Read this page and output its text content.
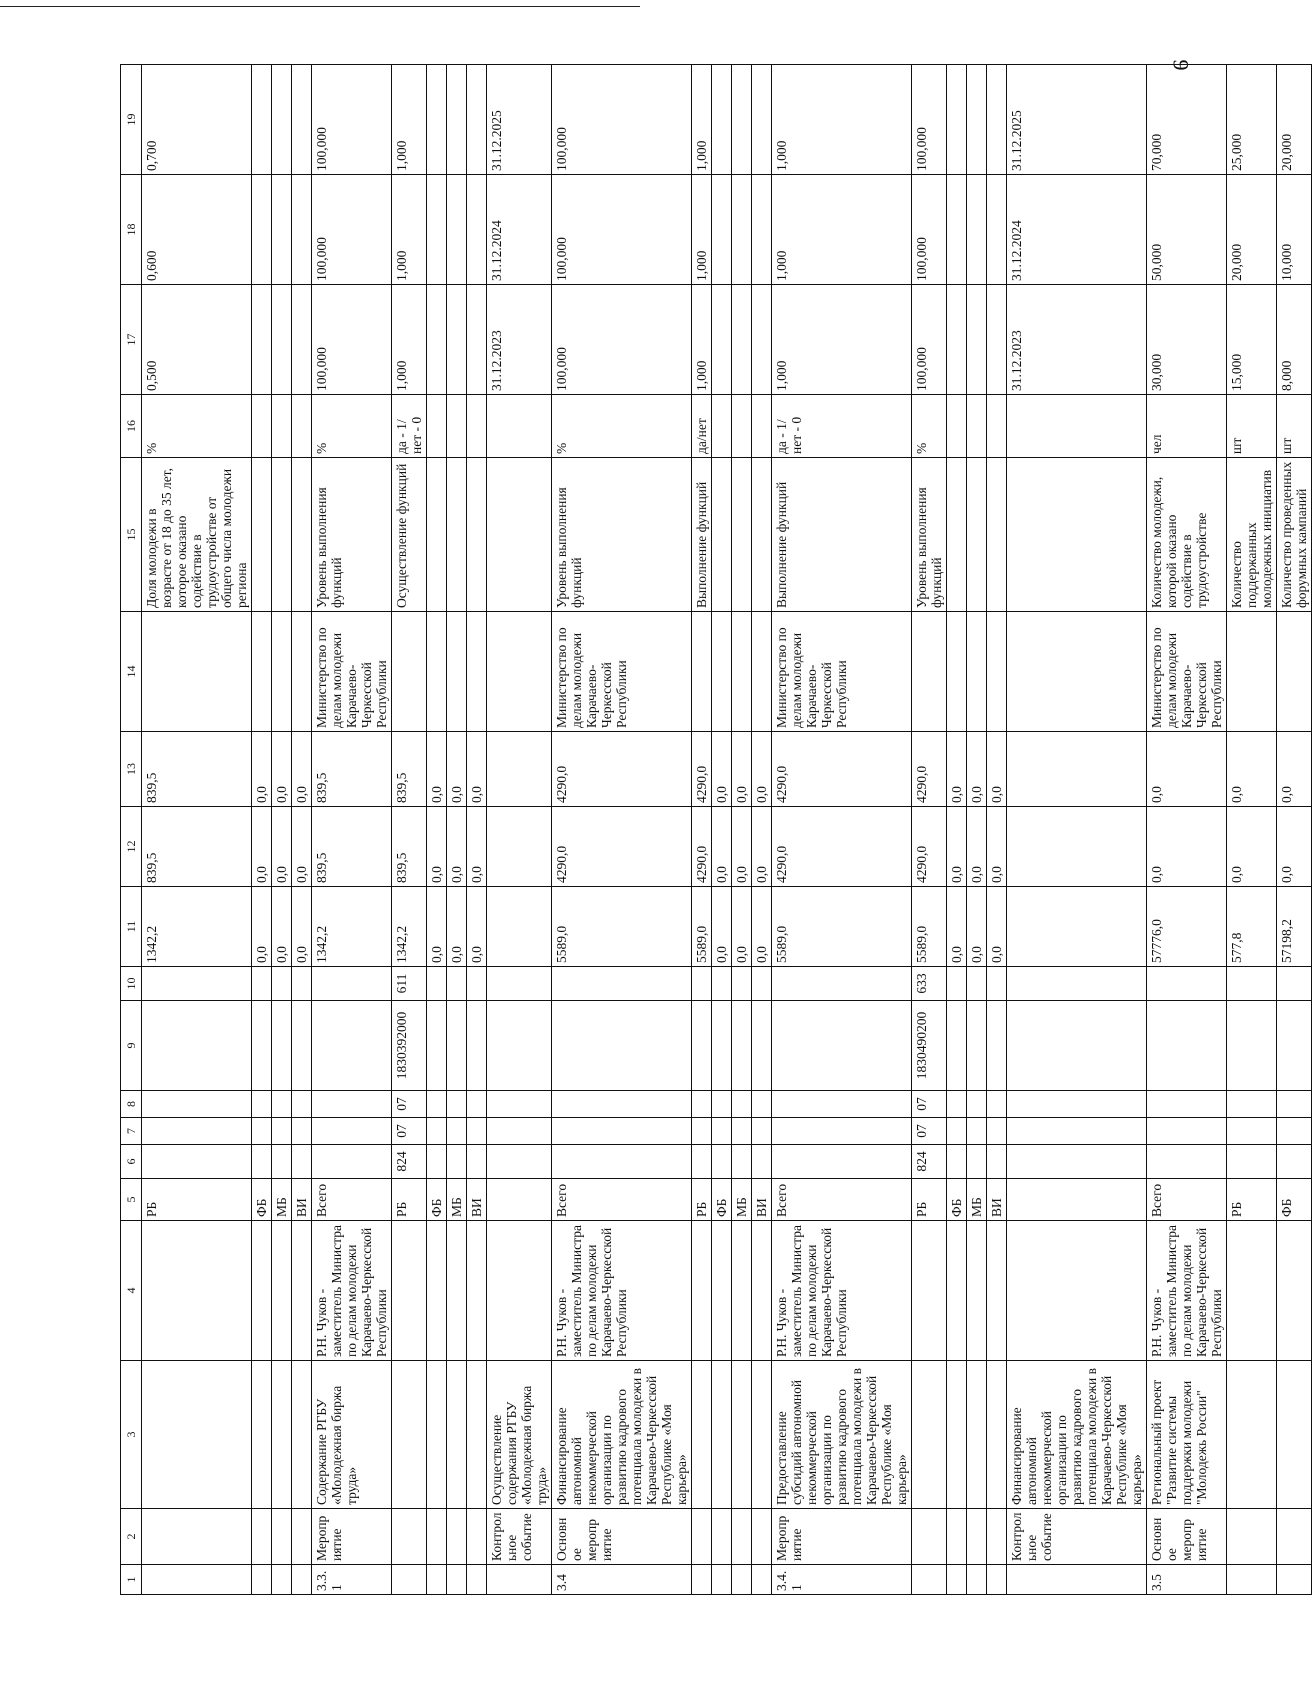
9
1	2	3	4	5	6	7	8	9	10	11	12	13	14	15	16	17	18	19
				РБ						1342,2	839,5	839,5		Доля молодежи в возрасте от 18 до 35 лет, которое оказано содействие в трудоустройстве от общего числа молодежи региона	%	0,500	0,600	0,700
				ФБ						0,0	0,0	0,0						
				МБ						0,0	0,0	0,0						
				ВИ						0,0	0,0	0,0						
3.3.1	Мероприятие	Содержание РГБУ «Молодежная биржа труда»	Р.Н. Чуков - заместитель Министра по делам молодежи Карачаево-Черкесской Республики	Всего						1342,2	839,5	839,5	Министерство по делам молодежи Карачаево-Черкесской Республики	Уровень выполнения функций	%	100,000	100,000	100,000
				РБ	824	07	07	1830392000	611	1342,2	839,5	839,5		Осуществление функций	да - 1/ нет - 0	1,000	1,000	1,000
				ФБ						0,0	0,0	0,0						
				МБ						0,0	0,0	0,0						
				ВИ						0,0	0,0	0,0						
	Контрольное событие	Осуществление содержания РГБУ «Молодежная биржа труда»														31.12.2023	31.12.2024	31.12.2025
3.4	Основное мероприятие	Финансирование автономной некоммерческой организации по развитию кадрового потенциала молодежи в Карачаево-Черкесской Республике «Моя карьера»	Р.Н. Чуков - заместитель Министра по делам молодежи Карачаево-Черкесской Республики	Всего						5589,0	4290,0	4290,0	Министерство по делам молодежи Карачаево-Черкесской Республики	Уровень выполнения функций	%	100,000	100,000	100,000
				РБ						5589,0	4290,0	4290,0		Выполнение функций	да/нет	1,000	1,000	1,000
				ФБ						0,0	0,0	0,0						
				МБ						0,0	0,0	0,0						
				ВИ						0,0	0,0	0,0						
3.4.1	Мероприятие	Предоставление субсидий автономной некоммерческой организации по развитию кадрового потенциала молодежи в Карачаево-Черкесской Республике «Моя карьера»	Р.Н. Чуков - заместитель Министра по делам молодежи Карачаево-Черкесской Республики	Всего						5589,0	4290,0	4290,0	Министерство по делам молодежи Карачаево-Черкесской Республики	Выполнение функций	да - 1/ нет - 0	1,000	1,000	1,000
				РБ	824	07	07	1830490200	633	5589,0	4290,0	4290,0		Уровень выполнения функций	%	100,000	100,000	100,000
				ФБ						0,0	0,0	0,0						
				МБ						0,0	0,0	0,0						
				ВИ						0,0	0,0	0,0						
	Контрольное событие	Финансирование автономной некоммерческой организации по развитию кадрового потенциала молодежи в Карачаево-Черкесской Республике «Моя карьера»														31.12.2023	31.12.2024	31.12.2025
3.5	Основное мероприятие	Региональный проект "Развитие системы поддержки молодежи "Молодежь России"	Р.Н. Чуков - заместитель Министра по делам молодежи Карачаево-Черкесской Республики	Всего						57776,0	0,0	0,0	Министерство по делам молодежи Карачаево-Черкесской Республики	Количество молодежи, которой оказано содействие в трудоустройстве	чел	30,000	50,000	70,000
				РБ						577,8	0,0	0,0		Количество поддержанных молодежных инициатив	шт	15,000	20,000	25,000
				ФБ						57198,2	0,0	0,0		Количество проведенных форумных кампаний	шт	8,000	10,000	20,000
